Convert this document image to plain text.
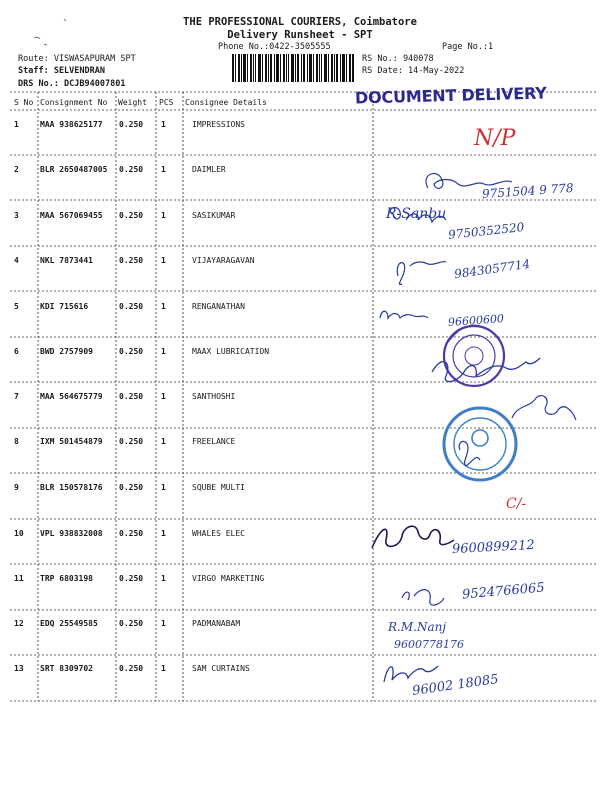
THE PROFESSIONAL COURIERS, Coimbatore
Delivery Runsheet - SPT
Phone No.:0422-3505555	Page No.:1
Route: VISWASAPURAM SPT
Staff: SELVENDRAN
DRS No.: DCJB94007801
RS No.: 940078
RS Date: 14-May-2022
DOCUMENT DELIVERY
S No Consignment No Weight PCS Consignee Details
1	MAA 938625177 0.250 1	IMPRESSIONS
2	BLR 2650487005 0.250 1	DAIMLER
3	MAA 567069455 0.250 1	SASIKUMAR
4	NKL 7873441	0.250 1	VIJAYARAGAVAN
5	KDI 715616	0.250 1	RENGANATHAN
6	BWD 2757909	0.250 1	MAAX LUBRICATION
7	MAA 564675779 0.250 1	SANTHOSHI
8	IXM 501454879 0.250 1	FREELANCE
9	BLR 150578176 0.250 1	SQUBE MULTI
10 VPL 938832008 0.250 1	WHALES ELEC
11 TRP 6803198	0.250 1	VIRGO MARKETING
12 EDQ 25549585	0.250 1	PADMANABAM
13 SRT 8309702	0.250 1	SAM CURTAINS
N/P
9751504 9 778
R-Sanbu
9750352520
9843057714
96600600
C/-
9600899212
9524766065
R.M.Nanj
9600778176
96002 18085
